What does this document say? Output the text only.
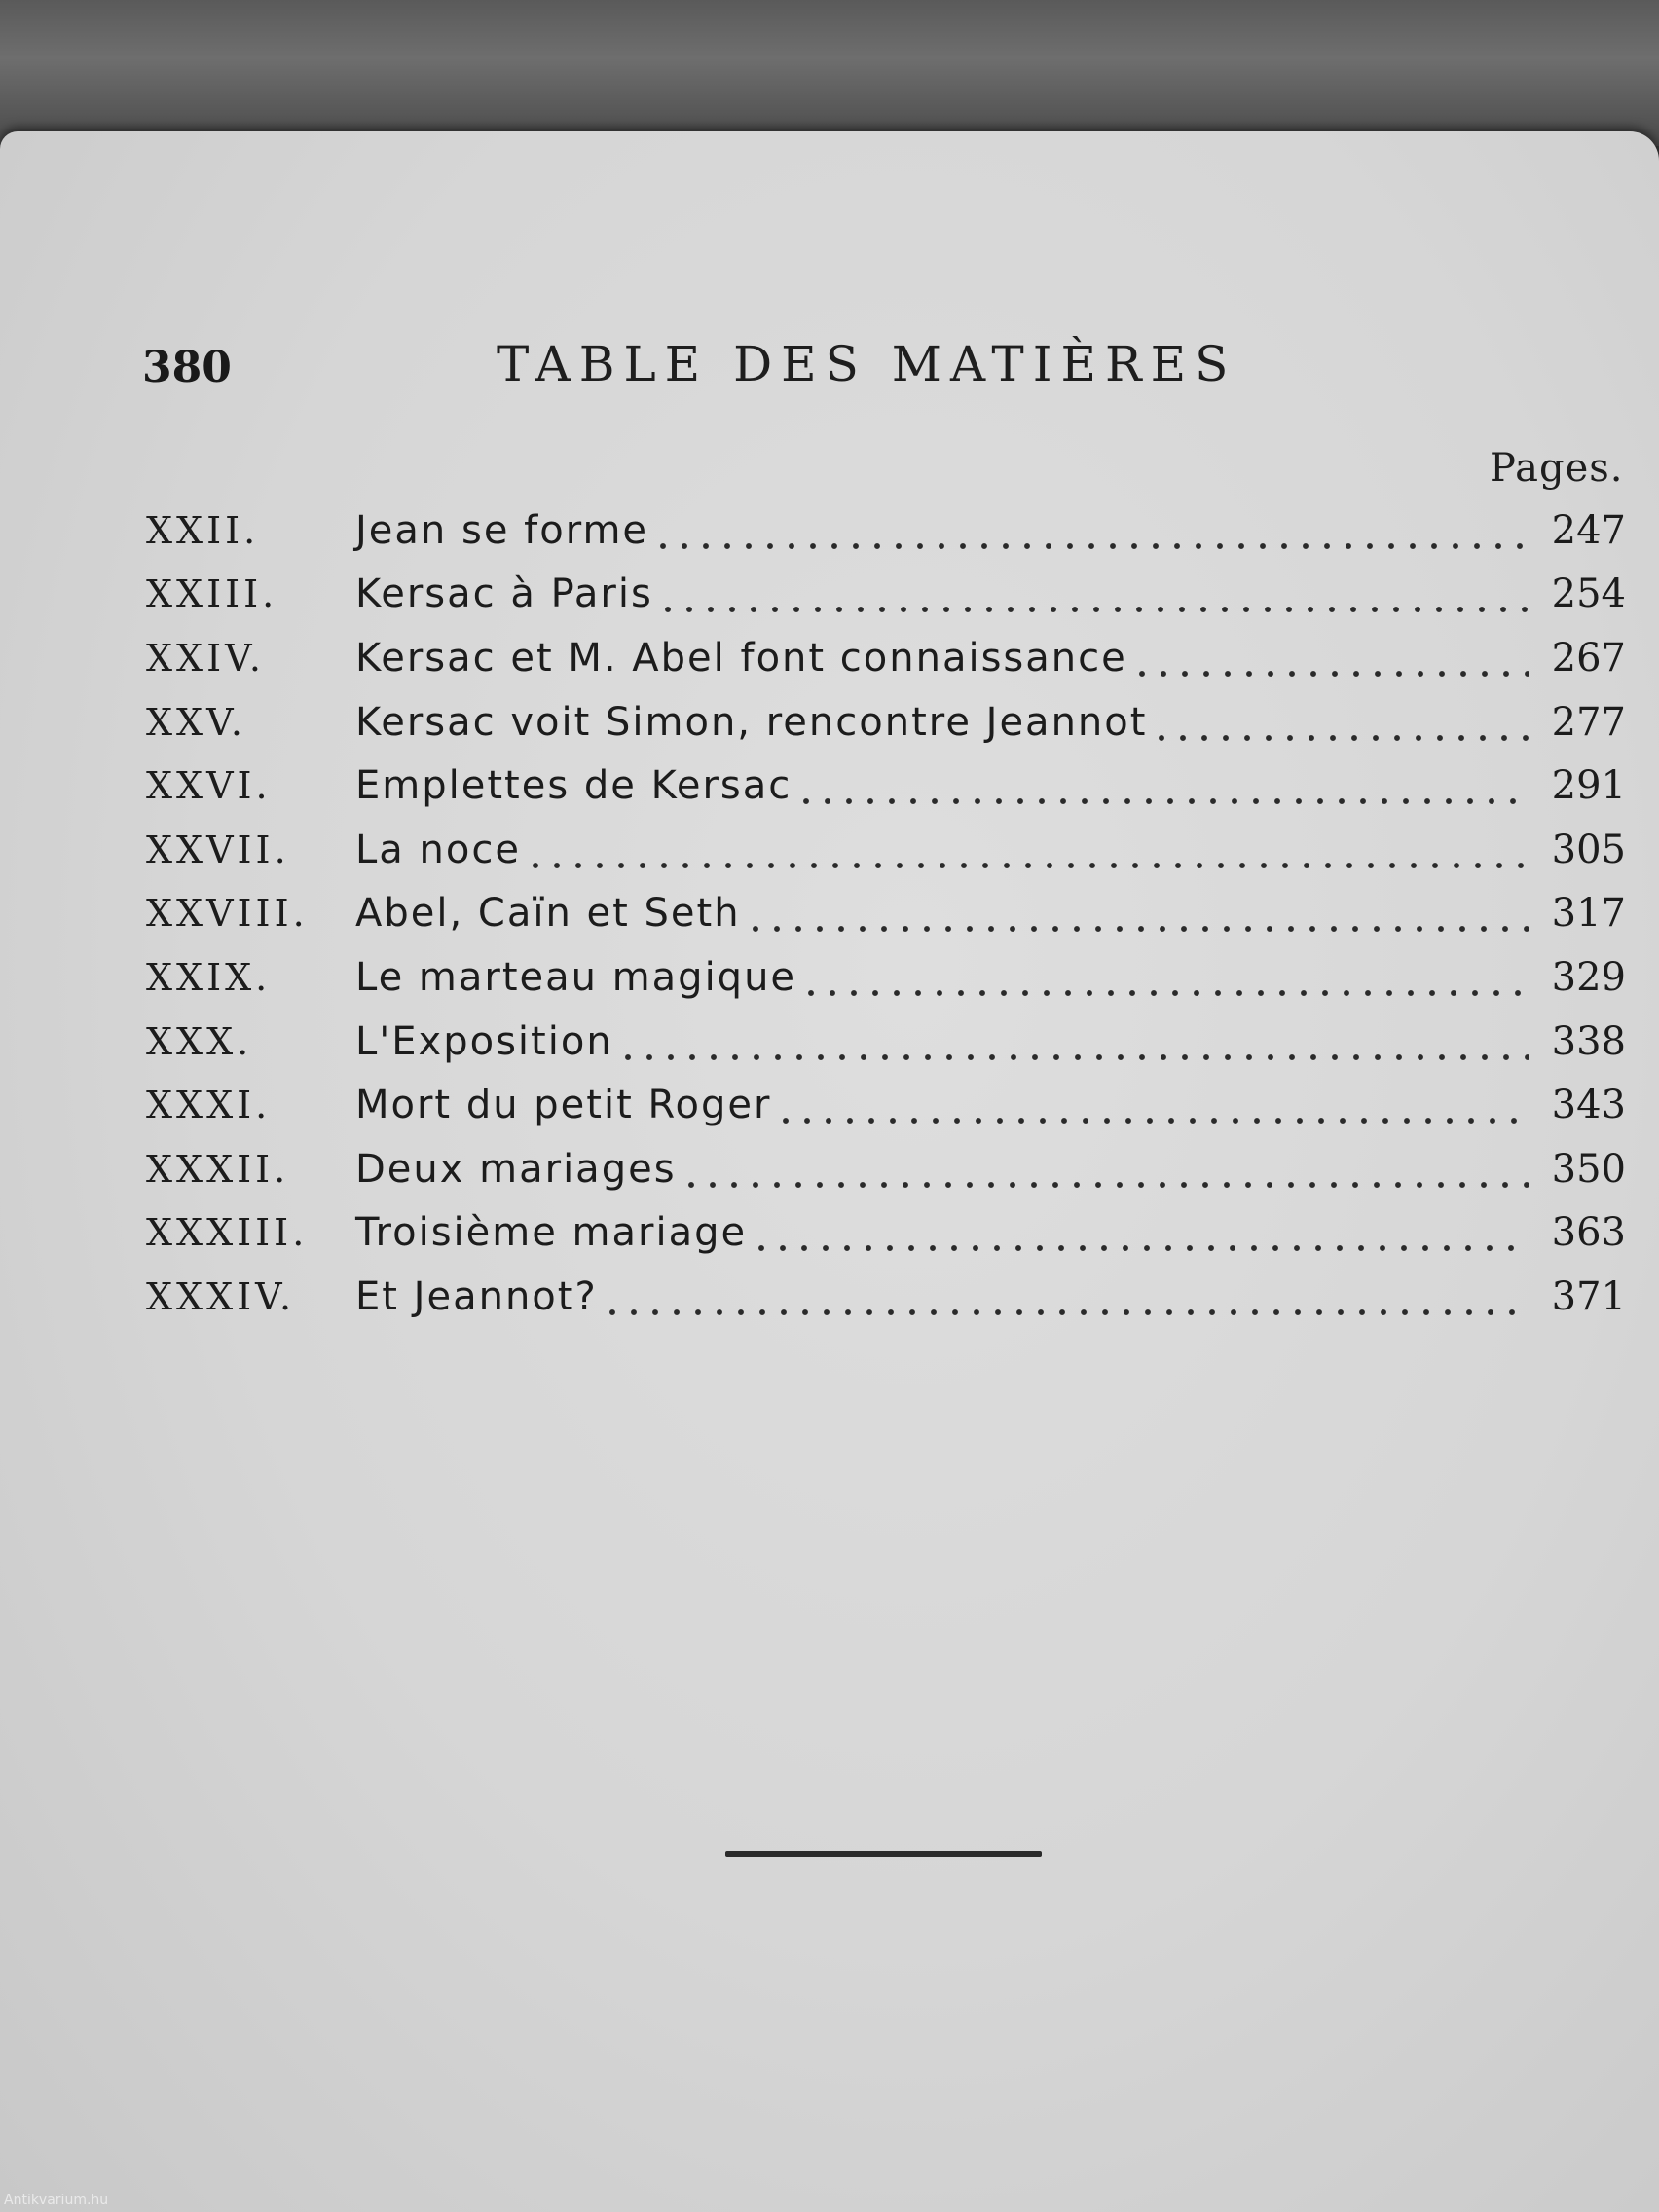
380	TABLE DES MATIÈRES
Pages.
XXII.	Jean se forme	247
XXIII.	Kersac à Paris	254
XXIV.	Kersac et M. Abel font connaissance	267
XXV.	Kersac voit Simon, rencontre Jeannot	277
XXVI.	Emplettes de Kersac	291
XXVII.	La noce	305
XXVIII.	Abel, Caïn et Seth	317
XXIX.	Le marteau magique	329
XXX.	L'Exposition	338
XXXI.	Mort du petit Roger	343
XXXII.	Deux mariages	350
XXXIII.	Troisième mariage	363
XXXIV.	Et Jeannot?	371
Antikvarium.hu
